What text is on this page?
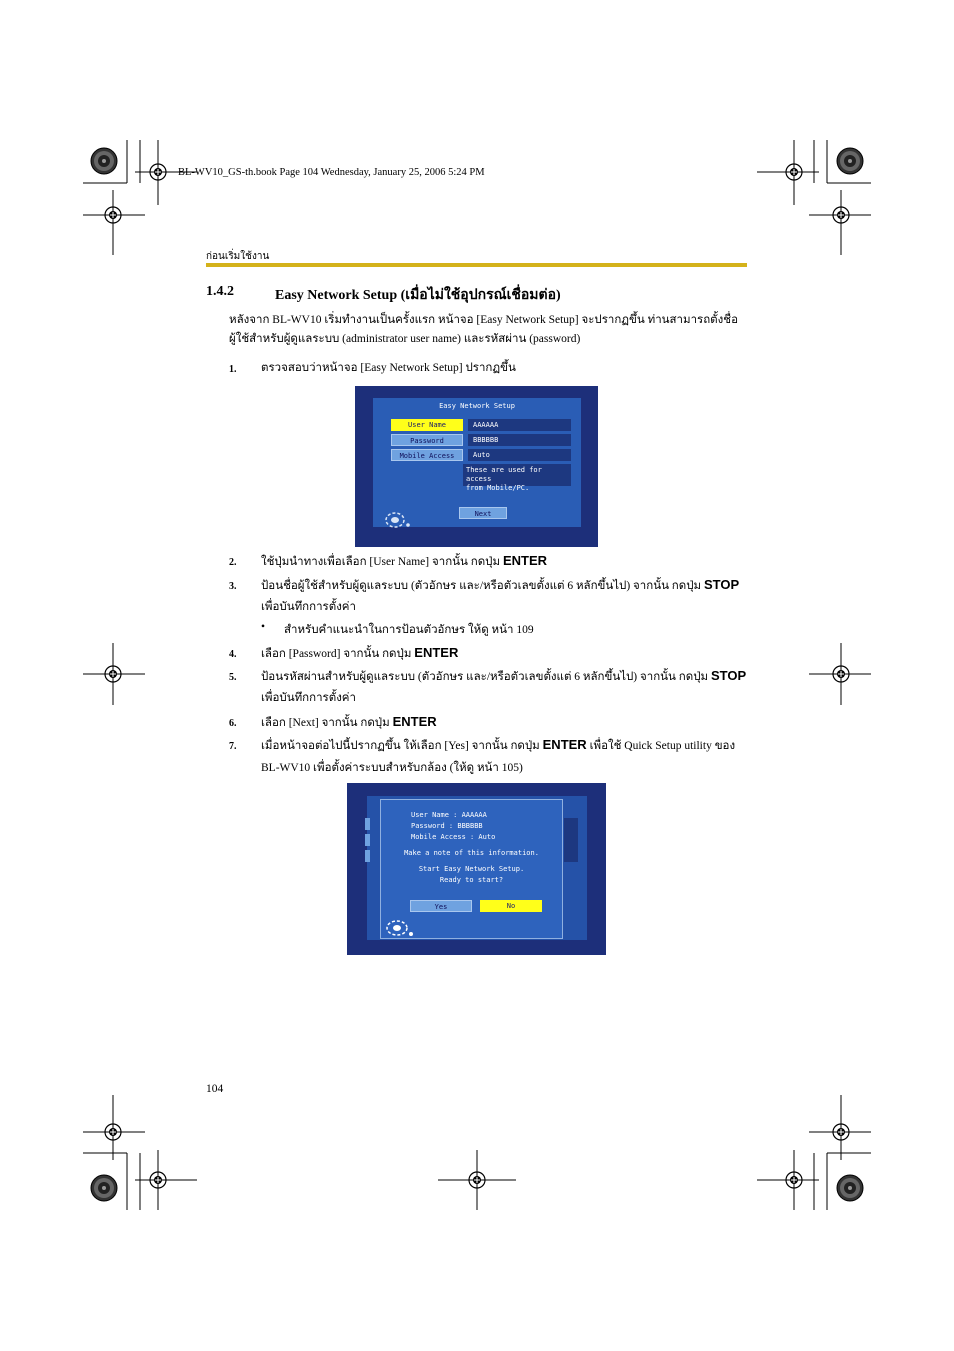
BL-WV10_GS-th.book Page 104 Wednesday, January 25, 2006 5:24 PM
ก่อนเริ่มใช้งาน
1.4.2	Easy Network Setup (เมื่อไม่ใช้อุปกรณ์เชื่อมต่อ)
หลังจาก BL-WV10 เริ่มทำงานเป็นครั้งแรก หน้าจอ [Easy Network Setup] จะปรากฏขึ้น ท่านสามารถตั้งชื่อ
ผู้ใช้สำหรับผู้ดูแลระบบ (administrator user name) และรหัสผ่าน (password)
1. ตรวจสอบว่าหน้าจอ [Easy Network Setup] ปรากฏขึ้น
Easy Network Setup
User Name	AAAAAA
Password	BBBBBB
Mobile Access	Auto
These are used for access
from Mobile/PC.
Next
2. ใช้ปุ่มนำทางเพื่อเลือก [User Name] จากนั้น กดปุ่ม ENTER
3. ป้อนชื่อผู้ใช้สำหรับผู้ดูแลระบบ (ตัวอักษร และ/หรือตัวเลขตั้งแต่ 6 หลักขึ้นไป) จากนั้น กดปุ่ม STOP
เพื่อบันทึกการตั้งค่า
• สำหรับคำแนะนำในการป้อนตัวอักษร ให้ดู หน้า 109
4. เลือก [Password] จากนั้น กดปุ่ม ENTER
5. ป้อนรหัสผ่านสำหรับผู้ดูแลระบบ (ตัวอักษร และ/หรือตัวเลขตั้งแต่ 6 หลักขึ้นไป) จากนั้น กดปุ่ม STOP
เพื่อบันทึกการตั้งค่า
6. เลือก [Next] จากนั้น กดปุ่ม ENTER
7. เมื่อหน้าจอต่อไปนี้ปรากฏขึ้น ให้เลือก [Yes] จากนั้น กดปุ่ม ENTER เพื่อใช้ Quick Setup utility ของ
BL-WV10 เพื่อตั้งค่าระบบสำหรับกล้อง (ให้ดู หน้า 105)
User Name : AAAAAA
Password : BBBBBB
Mobile Access : Auto
Make a note of this information.
Start Easy Network Setup.
Ready to start?
Yes	No
104
